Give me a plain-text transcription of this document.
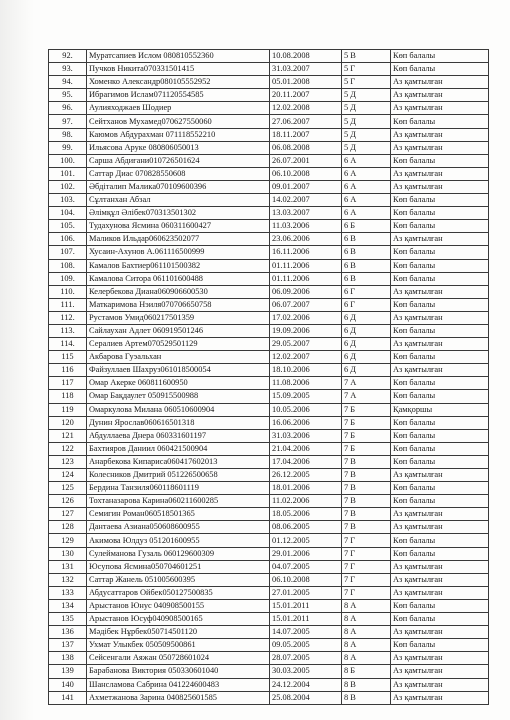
92.	Муратсапиев Ислом 080810552360	10.08.2008	5 В	Көп балалы
93.	Пучков Никита070331501415	31.03.2007	5 Г	Көп балалы
94.	Хоменко Александр080105552952	05.01.2008	5 Г	Аз қамтылған
95.	Ибрагимов Ислам071120554585	20.11.2007	5 Д	Аз қамтылған
96.	Аулияходжаев Шодиер	12.02.2008	5 Д	Аз қамтылған
97.	Сейтханов Мухамед070627550060	27.06.2007	5 Д	Көп балалы
98.	Каюмов Абдурахман 071118552210	18.11.2007	5 Д	Аз қамтылған
99.	Ильясова Аруке 080806050013	06.08.2008	5 Д	Аз қамтылған
100.	Сарша Абдиғани010726501624	26.07.2001	6 А	Көп балалы
101.	Саттар Диас 070828550608	06.10.2008	6 А	Аз қамтылған
102.	Әбдіталип Малика070109600396	09.01.2007	6 А	Аз қамтылған
103.	Сұлтанхан Абзал	14.02.2007	6 А	Көп балалы
104.	Әлімқұл Әлібек070313501302	13.03.2007	6 А	Көп балалы
105.	Тудахунова Ясмина 060311600427	11.03.2006	6 Б	Көп балалы
106.	Маликов Ильдар060623502077	23.06.2006	6 В	Аз қамтылған
107.	Хусаин-Ахунов А.061116500999	16.11.2006	6 В	Көп балалы
108.	Камалов Бахтиер061101500382	01.11.2006	6 В	Көп балалы
109.	Камалова Ситора 061101600488	01.11.2006	6 В	Көп балалы
110.	Келербекова Диана060906600530	06.09.2006	6 Г	Аз қамтылған
111.	Маткаримова Нэиля070706650758	06.07.2007	6 Г	Көп балалы
112.	Рустамов Умид060217501359	17.02.2006	6 Д	Аз қамтылған
113.	Сайлаухан Адлет 060919501246	19.09.2006	6 Д	Көп балалы
114.	Сералиев Артем070529501129	29.05.2007	6 Д	Аз қамтылған
115	Акбарова Гуэальхан	12.02.2007	6 Д	Көп балалы
116	Файзуллаев Шахруз061018500054	18.10.2006	6 Д	Аз қамтылған
117	Омар Акерке 060811600950	11.08.2006	7 А	Көп балалы
118	Омар Бақдаулет 050915500988	15.09.2005	7 А	Көп балалы
119	Омаркулова Милана 060510600904	10.05.2006	7 Б	Қамқоршы
120	Дунин Ярослав060616501318	16.06.2006	7 Б	Көп балалы
121	Абдуллаева Днера 060331601197	31.03.2006	7 Б	Көп балалы
122	Бахтияров Даниил 060421500904	21.04.2006	7 Б	Көп балалы
123	Анарбекова Кипарисa060417602013	17.04.2006	7 В	Көп балалы
124	Колесников Дмитрий 051226500658	26.12.2005	7 В	Аз қамтылған
125	Бердина Танзиля060118601119	18.01.2006	7 В	Көп балалы
126	Тохтаназарова Карина060211600285	11.02.2006	7 В	Көп балалы
127	Семигин Роман060518501365	18.05.2006	7 В	Аз қамтылған
128	Дантаева Азиана050608600955	08.06.2005	7 В	Аз қамтылған
129	Акимова Юлдуз 051201600955	01.12.2005	7 Г	Көп балалы
130	Сулейманова Гузаль 060129600309	29.01.2006	7 Г	Көп балалы
131	Юсупова Ясмина050704601251	04.07.2005	7 Г	Аз қамтылған
132	Саттар Жанель 051005600395	06.10.2008	7 Г	Аз қамтылған
133	Абдусаттаров Ойбек050127500835	27.01.2005	7 Г	Аз қамтылған
134	Арыстанов Юнус 040908500155	15.01.2011	8 А	Көп балалы
135	Арыстанов Юсуф040908500165	15.01.2011	8 А	Көп балалы
136	Мәдібек Нұрбек050714501120	14.07.2005	8 А	Аз қамтылған
137	Ухмат Улыкбек 050509500861	09.05.2005	8 А	Көп балалы
138	Сейсенгали Аяжан 050728601024	28.07.2005	8 А	Аз қамтылған
139	Барабанова Виктория 050330601040	30.03.2005	8 Б	Аз қамтылған
140	Шансламова Сабрина 041224600483	24.12.2004	8 В	Аз қамтылған
141	Ахметжанова Зарина 040825601585	25.08.2004	8 В	Аз қамтылған
